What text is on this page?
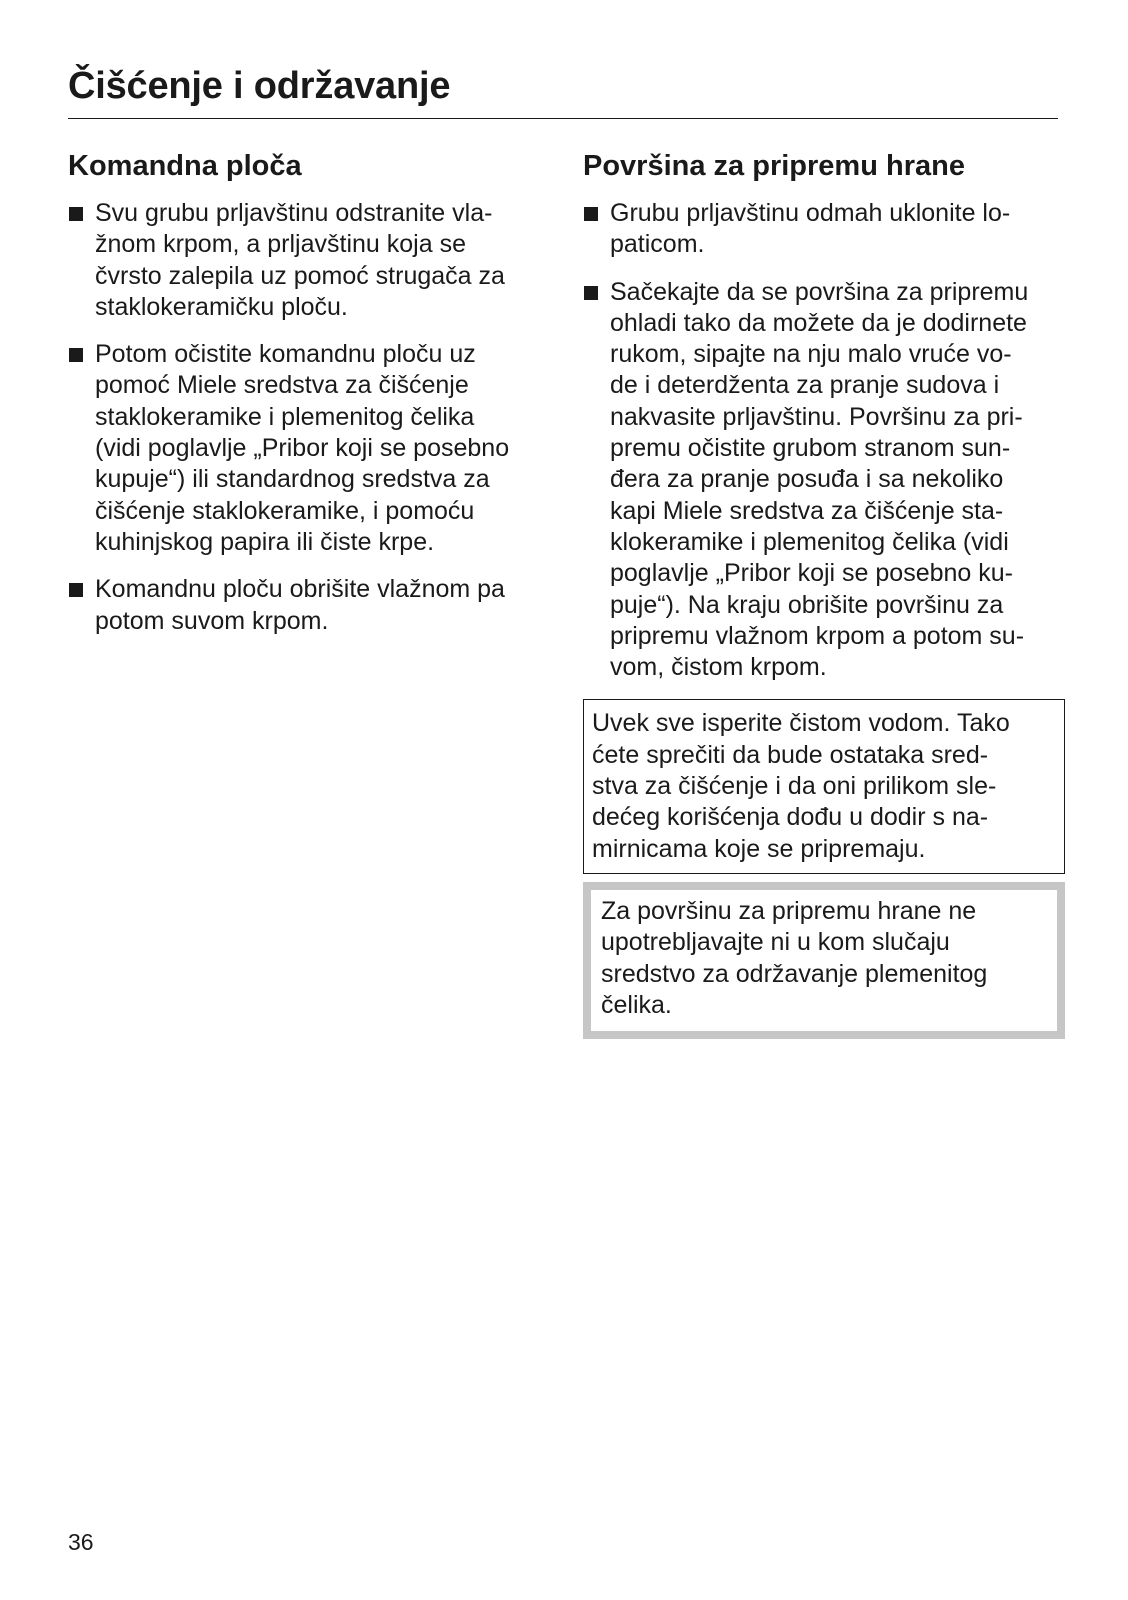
Čišćenje i održavanje
Komandna ploča
Svu grubu prljavštinu odstranite vla-
žnom krpom, a prljavštinu koja se
čvrsto zalepila uz pomoć strugača za
staklokeramičku ploču.
Potom očistite komandnu ploču uz
pomoć Miele sredstva za čišćenje
staklokeramike i plemenitog čelika
(vidi poglavlje „Pribor koji se posebno
kupuje“) ili standardnog sredstva za
čišćenje staklokeramike, i pomoću
kuhinjskog papira ili čiste krpe.
Komandnu ploču obrišite vlažnom pa
potom suvom krpom.
Površina za pripremu hrane
Grubu prljavštinu odmah uklonite lo-
paticom.
Sačekajte da se površina za pripremu
ohladi tako da možete da je dodirnete
rukom, sipajte na nju malo vruće vo-
de i deterdženta za pranje sudova i
nakvasite prljavštinu. Površinu za pri-
premu očistite grubom stranom sun-
đera za pranje posuđa i sa nekoliko
kapi Miele sredstva za čišćenje sta-
klokeramike i plemenitog čelika (vidi
poglavlje „Pribor koji se posebno ku-
puje“). Na kraju obrišite površinu za
pripremu vlažnom krpom a potom su-
vom, čistom krpom.
Uvek sve isperite čistom vodom. Tako
ćete sprečiti da bude ostataka sred-
stva za čišćenje i da oni prilikom sle-
dećeg korišćenja dođu u dodir s na-
mirnicama koje se pripremaju.
Za površinu za pripremu hrane ne
upotrebljavajte ni u kom slučaju
sredstvo za održavanje plemenitog
čelika.
36
